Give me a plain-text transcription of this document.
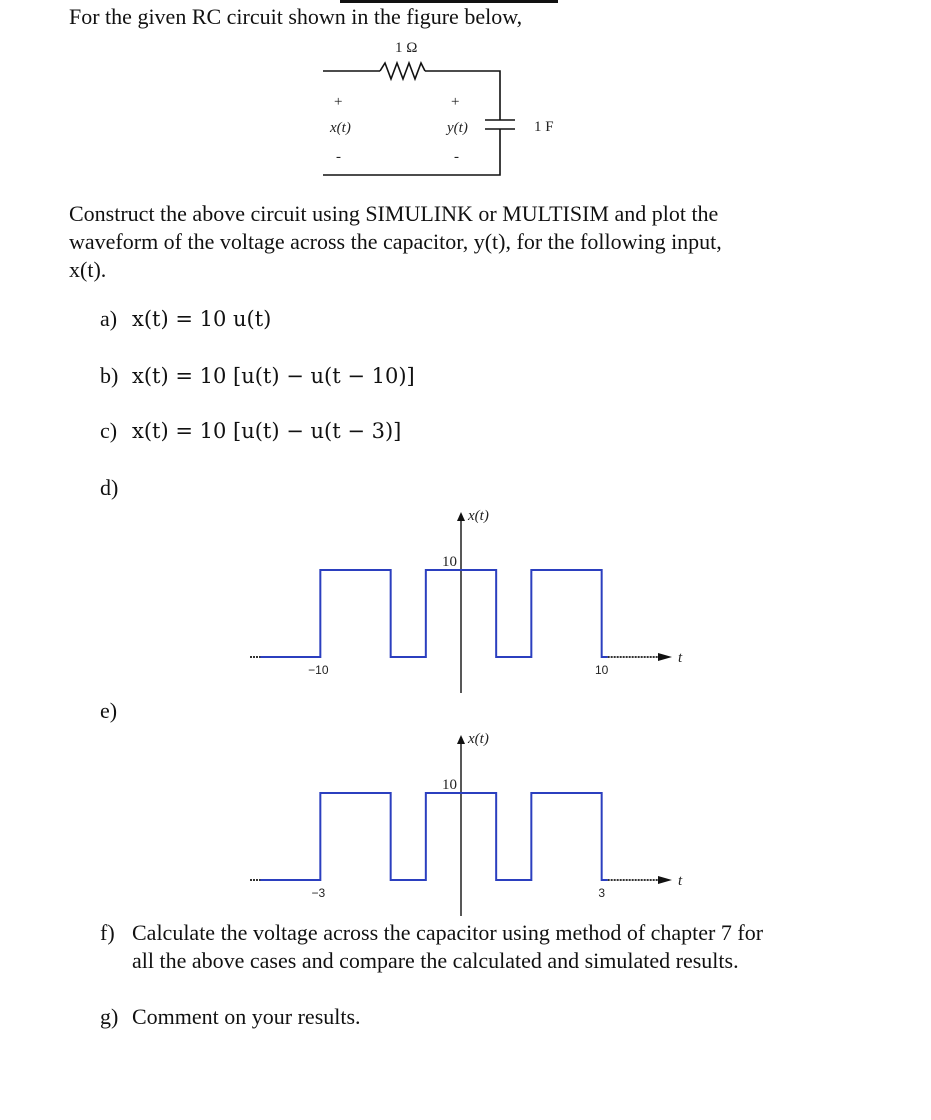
For the given RC circuit shown in the figure below,
1 Ω
1 F
+
x(t)
-
+
y(t)
-
Construct the above circuit using SIMULINK or MULTISIM and plot the
waveform of the voltage across the capacitor, y(t), for the following input,
x(t).
a) x(t) = 10 u(t)
b) x(t) = 10 [u(t) − u(t − 10)]
c) x(t) = 10 [u(t) − u(t − 3)]
d)
x(t)
t
−10	10
10
e)
x(t)
t
−3	3
10
f) Calculate the voltage across the capacitor using method of chapter 7 for
all the above cases and compare the calculated and simulated results.
g) Comment on your results.
